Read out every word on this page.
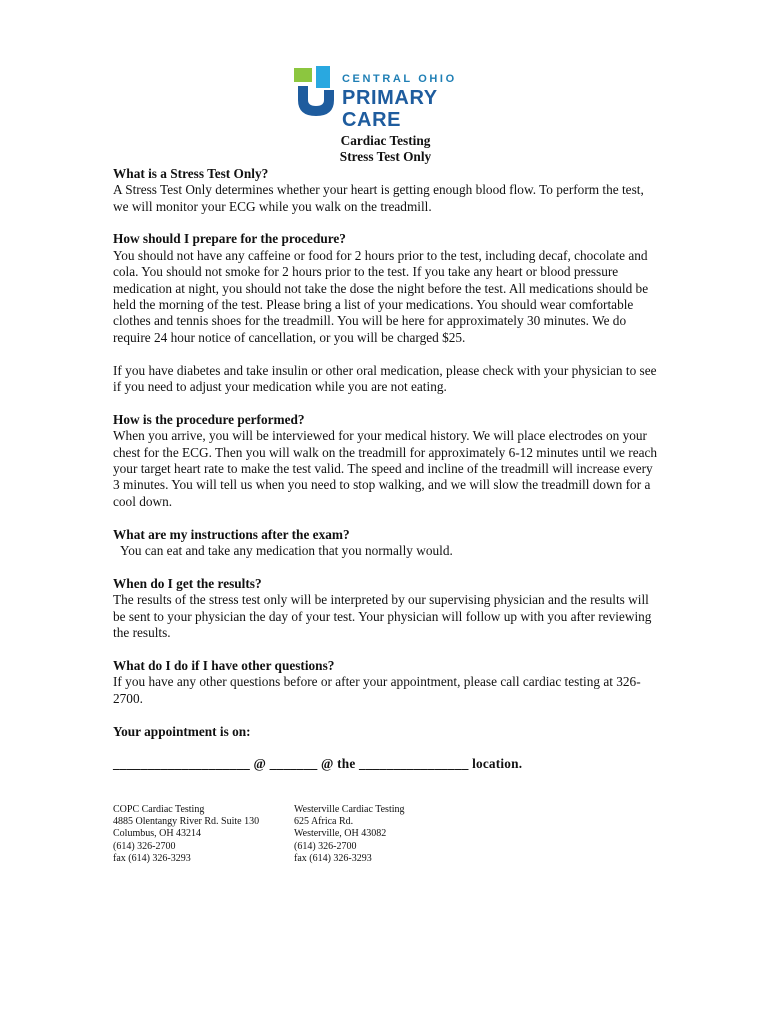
CENTRAL OHIO
PRIMARY CARE

Cardiac Testing

Stress Test Only

What is a Stress Test Only?

A Stress Test Only determines whether your heart is getting enough blood flow. To perform the test, we will monitor your ECG while you walk on the treadmill.

How should I prepare for the procedure?

You should not have any caffeine or food for 2 hours prior to the test, including decaf, chocolate and cola. You should not smoke for 2 hours prior to the test. If you take any heart or blood pressure medication at night, you should not take the dose the night before the test. All medications should be held the morning of the test. Please bring a list of your medications. You should wear comfortable clothes and tennis shoes for the treadmill. You will be here for approximately 30 minutes. We do require 24 hour notice of cancellation, or you will be charged $25.

If you have diabetes and take insulin or other oral medication, please check with your physician to see if you need to adjust your medication while you are not eating.

How is the procedure performed?

When you arrive, you will be interviewed for your medical history. We will place electrodes on your chest for the ECG. Then you will walk on the treadmill for approximately 6-12 minutes until we reach your target heart rate to make the test valid. The speed and incline of the treadmill will increase every 3 minutes. You will tell us when you need to stop walking, and we will slow the treadmill down for a cool down.

What are my instructions after the exam?

You can eat and take any medication that you normally would.

When do I get the results?

The results of the stress test only will be interpreted by our supervising physician and the results will be sent to your physician the day of your test. Your physician will follow up with you after reviewing the results.

What do I do if I have other questions?

If you have any other questions before or after your appointment, please call cardiac testing at 326-2700.

Your appointment is on:

____________________ @ _______ @ the ________________ location.

COPC Cardiac Testing
4885 Olentangy River Rd. Suite 130
Columbus, OH 43214
(614) 326-2700
fax (614) 326-3293
Westerville Cardiac Testing
625 Africa Rd.
Westerville, OH 43082
(614) 326-2700
fax (614) 326-3293
